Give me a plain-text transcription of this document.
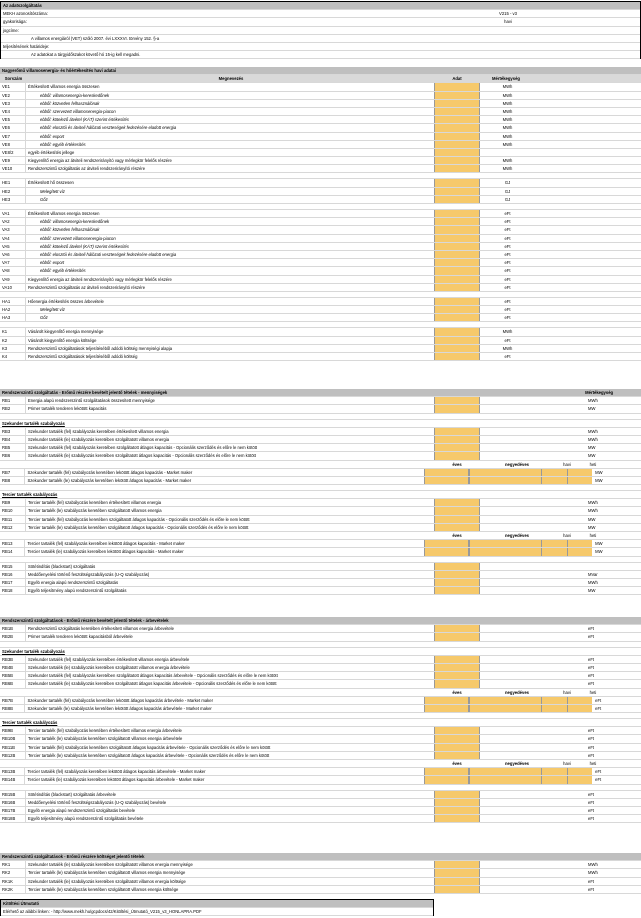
Az adatszolgáltatás
MEKH azonosítószáma:	V215 - v3
gyakorisága:	havi
jogcíme:
A villamos energiáról (VET) szóló 2007. évi LXXXVI. törvény 152. §-a
teljesítésének határideje:
Az adatokat a tárgyidőszakot követő hó 15-ig kell megadni.
Nagyerőmű villamosenergia- és hőértékesítés havi adatai
Sorszám	Megnevezés	Adat	Mértékegység
VE1	Értékesített villamos energia összesen	MWh
VE2	ebből: villamosenergia-kereskedőnek	MWh
VE3	ebből: közvetlen felhasználónak	MWh
VE4	ebből: szervezett villamosenergia-piacon	MWh
VE5	ebből: kötelező átvétel (KÁT) szerint értékesítés	MWh
VE6	ebből: elosztói és átviteli hálózati veszteségek fedezésére eladott energia	MWh
VE7	ebből: export	MWh
VE8	ebből: egyéb értékesítés	MWh
VE8/2	egyéb értékesítés jellege
VE9	Kiegyenlítő energia az átviteli rendszerirányító vagy mérlegkör felelős részére	MWh
VE10	Rendszerszintű szolgáltatás az átviteli rendszerirányító részére	MWh
HE1	Értékesített hő összesen	GJ
HE2	Melegített víz	GJ
HE3	Gőz	GJ
VA1	Értékesített villamos energia összesen	eFt
VA2	ebből: villamosenergia-kereskedőnek	eFt
VA3	ebből: közvetlen felhasználónak	eFt
VA4	ebből: szervezett villamosenergia-piacon	eFt
VA5	ebből: kötelező átvétel (KÁT) szerint értékesítés	eFt
VA6	ebből: elosztói és átviteli hálózati veszteségek fedezésére eladott energia	eFt
VA7	ebből: export	eFt
VA8	ebből: egyéb értékesítés	eFt
VA9	Kiegyenlítő energia az átviteli rendszerirányító vagy mérlegkör felelős részére	eFt
VA10	Rendszerszintű szolgáltatás az átviteli rendszerirányító részére	eFt
HA1	Hőenergia értékesítés összes árbevétele	eFt
HA2	Melegített víz	eFt
HA3	Gőz	eFt
K1	Vásárolt kiegyenlítő energia mennyisége	MWh
K2	Vásárolt kiegyenlítő energia költsége	eFt
K3	Rendszerszintű szolgáltatások teljesítéséből adódó költség mennyiségi alapja	MWh
K4	Rendszerszintű szolgáltatások teljesítéséből adódó költség	eFt
Rendszerszintű szolgáltatás - Erőmű részére bevételt jelentő tételek - mennyiségek	Mértékegység
RB1	Energia alapú rendszerszintű szolgáltatások összesített mennyisége	MWh
RB2	Primer tartalék tenderen lekötött kapacitás	MW
Szekunder tartalék szabályozás
RB3	Szekunder tartalék (fel) szabályozás keretében értékesített villamos energia	MWh
RB4	Szekunder tartalék (le) szabályozás keretében szolgáltatott villamos energia	MWh
RB5	Szekunder tartalék (fel) szabályozás keretében szolgáltatott átlagos kapacitás - Opcionális szerződés és előre le nem kötött	MW
RB6	Szekunder tartalék (le) szabályozás keretében szolgáltatott átlagos kapacitás - Opcionális szerződés és előre le nem kötött	MW
éves	negyedéves	havi	heti
RB7	Szekunder tartalék (fel) szabályozás keretében lekötött átlagos kapacitás - Market maker	MW
RB8	Szekunder tartalék (le) szabályozás keretében lekötött átlagos kapacitás - Market maker	MW
Tercier tartalék szabályozás
RB9	Tercier tartalék (fel) szabályozás keretében értékesített villamos energia	MWh
RB10	Tercier tartalék (le) szabályozás keretében szolgáltatott villamos energia	MWh
RB11	Tercier tartalék (fel) szabályozás keretében szolgáltatott átlagos kapacitás - Opcionális szerződés és előre le nem kötött	MW
RB12	Tercier tartalék (le) szabályozás keretében szolgáltatott átlagos kapacitás - Opcionális szerződés és előre le nem kötött	MW
éves	negyedéves	havi	heti
RB13	Tercier tartalék (fel) szabályozás keretében lekötött átlagos kapacitás - Market maker	MW
RB14	Tercier tartalék (le) szabályozás keretében lekötött átlagos kapacitás - Market maker	MW
RB15	Sötétindítás (blackstart) szolgáltatás
RB16	Meddőenyelési történő feszültségszabályozás (U-Q szabályozás)	MVar
RB17	Egyéb energia alapú rendszerszintű szolgáltatás	MWh
RB18	Egyéb teljesítmény alapú rendszerszintű szolgáltatás	MW
Rendszerszintű szolgáltatások - Erőmű részére bevételt jelentő tételek - árbevételek
RB1B	Rendszerszintű szolgáltatás keretében értékesített villamos energia árbevétele	eFt
RB2B	Primer tartalék tenderen lekötött kapacitásból árbevétele	eFt
Szekunder tartalék szabályozás
RB3B	Szekunder tartalék (fel) szabályozás keretében értékesített villamos energia árbevétele	eFt
RB4B	Szekunder tartalék (le) szabályozás keretében szolgáltatott villamos energia árbevétele	eFt
RB5B	Szekunder tartalék (fel) szabályozás keretében szolgáltatott átlagos kapacitás árbevétele - Opcionális szerződés és előre le nem kötött	eFt
RB6B	Szekunder tartalék (le) szabályozás keretében szolgáltatott átlagos kapacitás árbevétele - Opcionális szerződés és előre le nem kötött	eFt
éves	negyedéves	havi	heti
RB7B	Szekunder tartalék (fel) szabályozás keretében lekötött átlagos kapacitás árbevétele - Market maker	eFt
RB8B	Szekunder tartalék (le) szabályozás keretében lekötött átlagos kapacitás árbevétele - Market maker	eFt
Tercier tartalék szabályozás
RB9B	Tercier tartalék (fel) szabályozás keretében értékesített villamos energia árbevétele	eFt
RB10B	Tercier tartalék (le) szabályozás keretében szolgáltatott villamos energia árbevétele	eFt
RB11B	Tercier tartalék (fel) szabályozás keretében szolgáltatott átlagos kapacitás árbevétele - Opcionális szerződés és előre le nem kötött	eFt
RB12B	Tercier tartalék (le) szabályozás keretében szolgáltatott átlagos kapacitás árbevétele - Opcionális szerződés és előre le nem kötött	eFt
éves	negyedéves	havi	heti
RB13B	Tercier tartalék (fel) szabályozás keretében lekötött átlagos kapacitás árbevétele - Market maker	eFt
RB14B	Tercier tartalék (le) szabályozás keretében lekötött átlagos kapacitás árbevétele - Market maker	eFt
RB15B	Sötétindítás (blackstart) szolgáltatás árbevétele	eFt
RB16B	Meddőenyelési történő feszültségszabályozás (U-Q szabályozás) bevétele	eFt
RB17B	Egyéb energia alapú rendszerszintű szolgáltatás bevétele	eFt
RB18B	Egyéb teljesítmény alapú rendszerszintű szolgáltatás bevétele	eFt
Rendszerszintű szolgáltatások - Erőmű részére költséget jelentő tételek
RK1	Szekunder tartalék (le) szabályozás keretében szolgáltatott villamos energia mennyisége	MWh
RK2	Tercier tartalék (le) szabályozás keretében szolgáltatott villamos energia mennyisége	MWh
RK1K	Szekunder tartalék (le) szabályozás keretében szolgáltatott villamos energia költsége	eFt
RK2K	Tercier tartalék (le) szabályozás keretében szolgáltatott villamos energia költsége	eFt
Kitöltési Útmutató
Elérhető az alábbi linken: - http://www.mekh.hu/gcpdocs/42/Kitöltési_Útmutató_V215_v3_HONLAPRA.PDF
